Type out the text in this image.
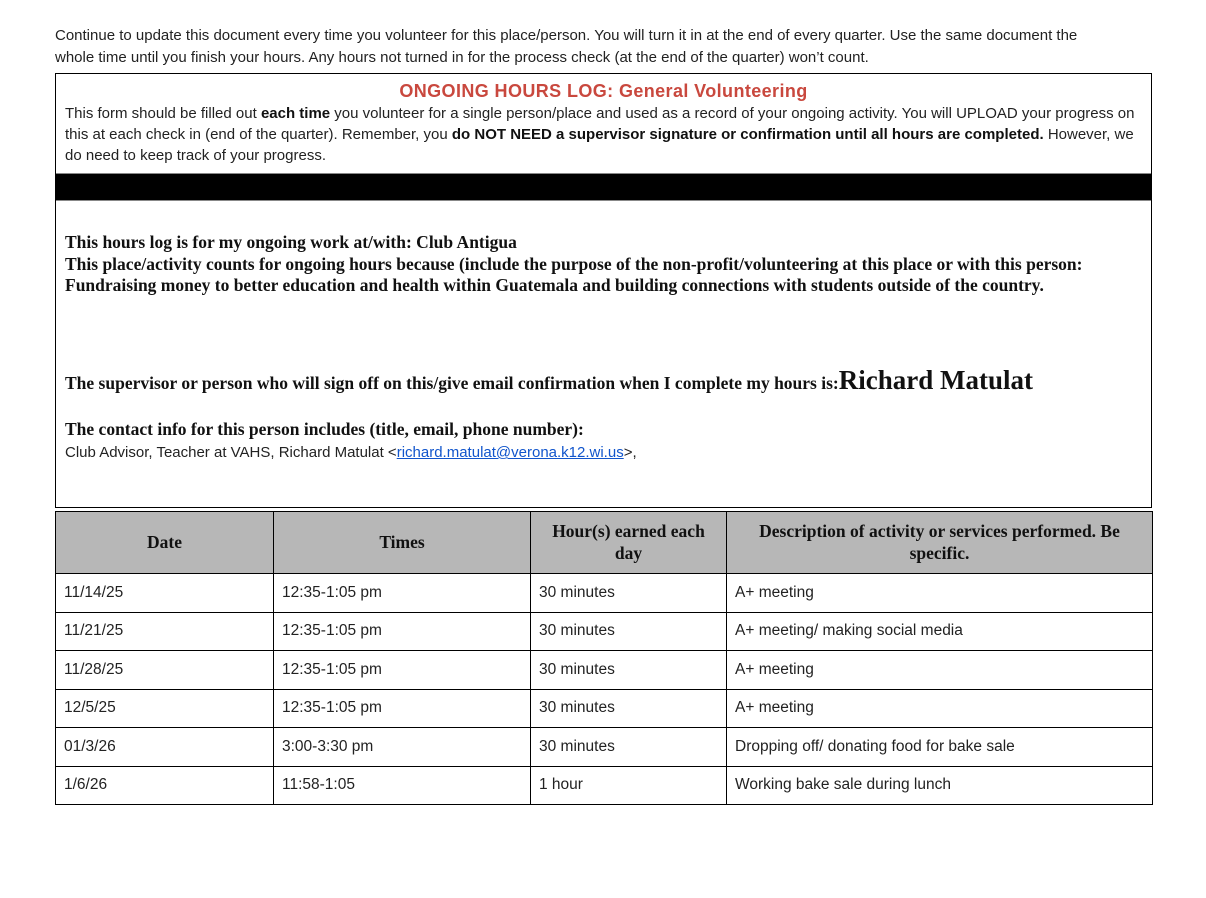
Continue to update this document every time you volunteer for this place/person. You will turn it in at the end of every quarter. Use the same document the whole time until you finish your hours. Any hours not turned in for the process check (at the end of the quarter) won’t count.

ONGOING HOURS LOG: General Volunteering

This form should be filled out each time you volunteer for a single person/place and used as a record of your ongoing activity. You will UPLOAD your progress on this at each check in (end of the quarter). Remember, you do NOT NEED a supervisor signature or confirmation until all hours are completed. However, we do need to keep track of your progress.

This hours log is for my ongoing work at/with: Club Antigua

This place/activity counts for ongoing hours because (include the purpose of the non-profit/volunteering at this place or with this person: Fundraising money to better education and health within Guatemala and building connections with students outside of the country.

The supervisor or person who will sign off on this/give email confirmation when I complete my hours is:Richard Matulat

The contact info for this person includes (title, email, phone number):

Club Advisor, Teacher at VAHS, Richard Matulat <richard.matulat@verona.k12.wi.us>,

Date	Times	Hour(s) earned each day	Description of activity or services performed. Be specific.
11/14/25	12:35-1:05 pm	30 minutes	A+ meeting
11/21/25	12:35-1:05 pm	30 minutes	A+ meeting/ making social media
11/28/25	12:35-1:05 pm	30 minutes	A+ meeting
12/5/25	12:35-1:05 pm	30 minutes	A+ meeting
01/3/26	3:00-3:30 pm	30 minutes	Dropping off/ donating food for bake sale
1/6/26	11:58-1:05	1 hour	Working bake sale during lunch
